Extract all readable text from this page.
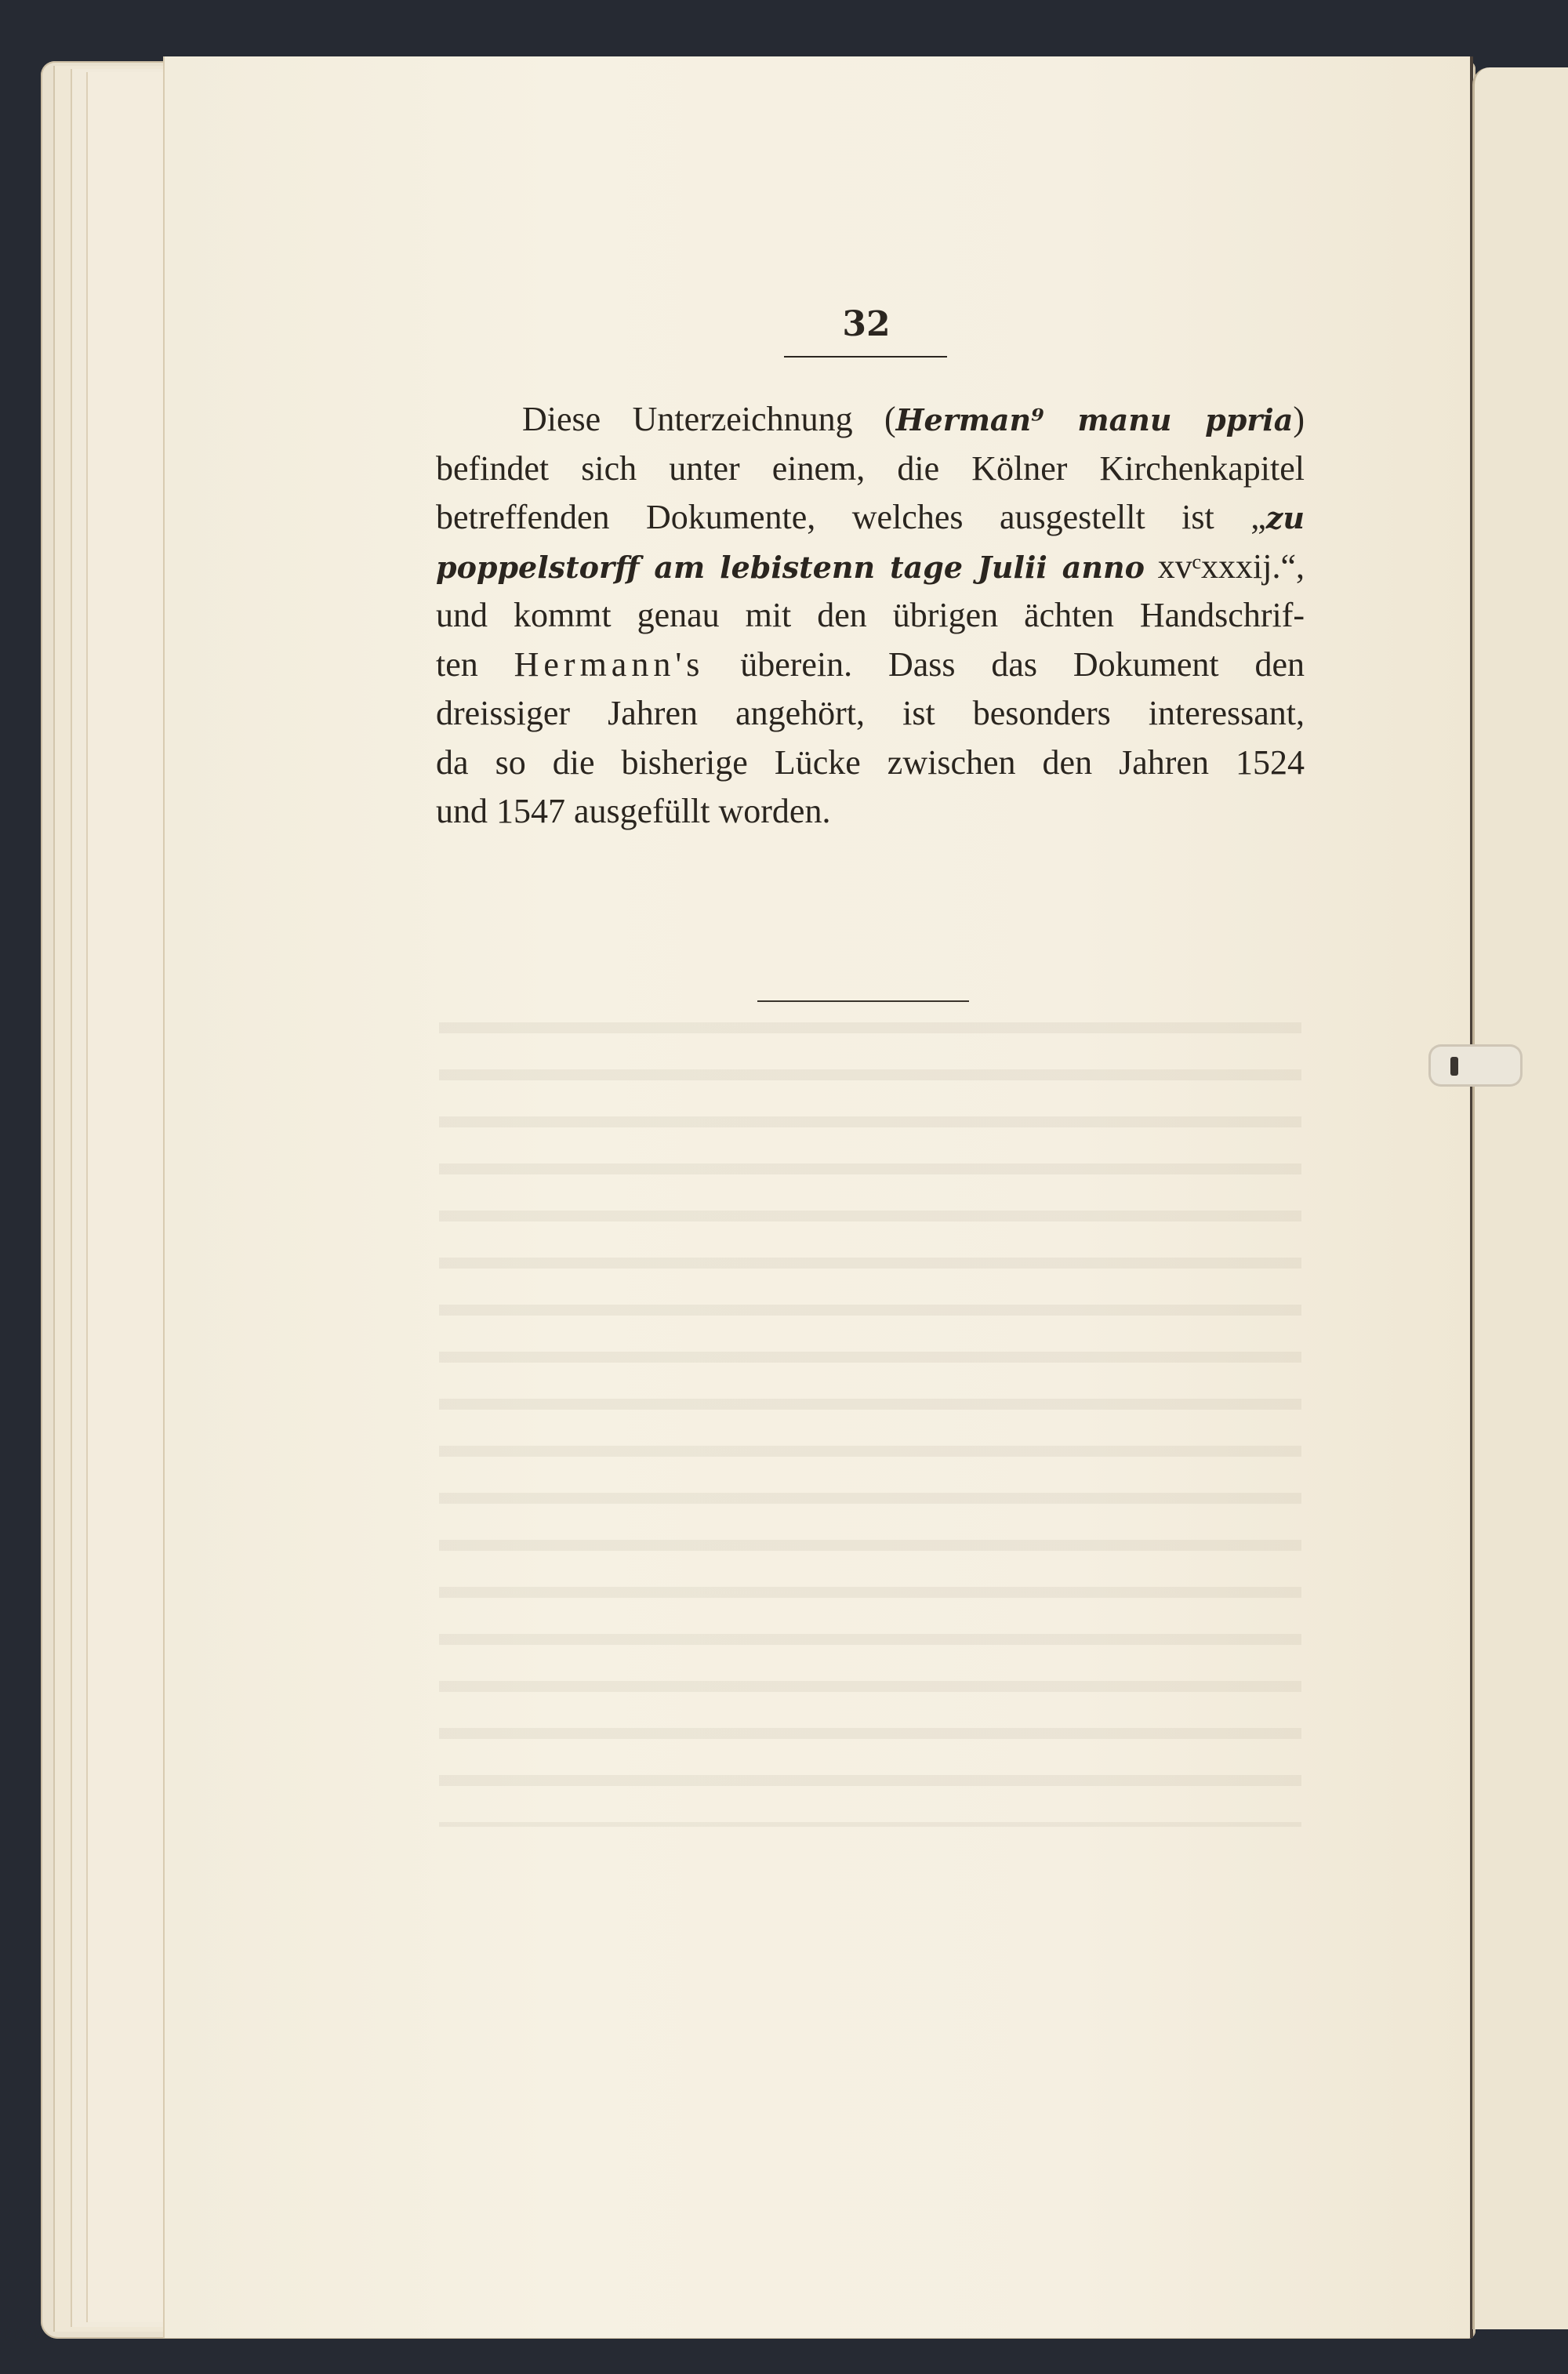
32
Diese Unterzeichnung (Herman⁹ manu ppria)
befindet sich unter einem, die Kölner Kirchenkapitel
betreffenden Dokumente, welches ausgestellt ist „zu
poppelstorff am lebistenn tage Julii anno xvᶜxxxij.“,
und kommt genau mit den übrigen ächten Handschrif-
ten Hermann's überein. Dass das Dokument den
dreissiger Jahren angehört, ist besonders interessant,
da so die bisherige Lücke zwischen den Jahren 1524
und 1547 ausgefüllt worden.
